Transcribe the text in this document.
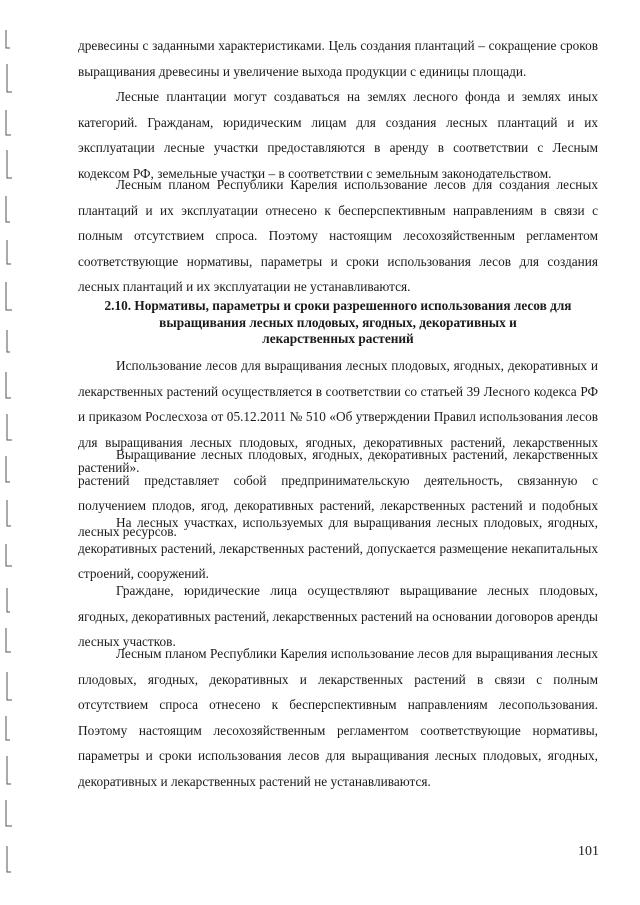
древесины с заданными характеристиками. Цель создания плантаций – сокращение сроков выращивания древесины и увеличение выхода продукции с единицы площади.

Лесные плантации могут создаваться на землях лесного фонда и землях иных категорий. Гражданам, юридическим лицам для создания лесных плантаций и их эксплуатации лесные участки предоставляются в аренду в соответствии с Лесным кодексом РФ, земельные участки – в соответствии с земельным законодательством.

Лесным планом Республики Карелия использование лесов для создания лесных плантаций и их эксплуатации отнесено к бесперспективным направлениям в связи с полным отсутствием спроса. Поэтому настоящим лесохозяйственным регламентом соответствующие нормативы, параметры и сроки использования лесов для создания лесных плантаций и их эксплуатации не устанавливаются.

2.10. Нормативы, параметры и сроки разрешенного использования лесов для
выращивания лесных плодовых, ягодных, декоративных и
лекарственных растений

Использование лесов для выращивания лесных плодовых, ягодных, декоративных и лекарственных растений осуществляется в соответствии со статьей 39 Лесного кодекса РФ и приказом Рослесхоза от 05.12.2011 № 510 «Об утверждении Правил использования лесов для выращивания лесных плодовых, ягодных, декоративных растений, лекарственных растений».

Выращивание лесных плодовых, ягодных, декоративных растений, лекарственных растений представляет собой предпринимательскую деятельность, связанную с получением плодов, ягод, декоративных растений, лекарственных растений и подобных лесных ресурсов.

На лесных участках, используемых для выращивания лесных плодовых, ягодных, декоративных растений, лекарственных растений, допускается размещение некапитальных строений, сооружений.

Граждане, юридические лица осуществляют выращивание лесных плодовых, ягодных, декоративных растений, лекарственных растений на основании договоров аренды лесных участков.

Лесным планом Республики Карелия использование лесов для выращивания лесных плодовых, ягодных, декоративных и лекарственных растений в связи с полным отсутствием спроса отнесено к бесперспективным направлениям лесопользования. Поэтому настоящим лесохозяйственным регламентом соответствующие нормативы, параметры и сроки использования лесов для выращивания лесных плодовых, ягодных, декоративных и лекарственных растений не устанавливаются.

101
